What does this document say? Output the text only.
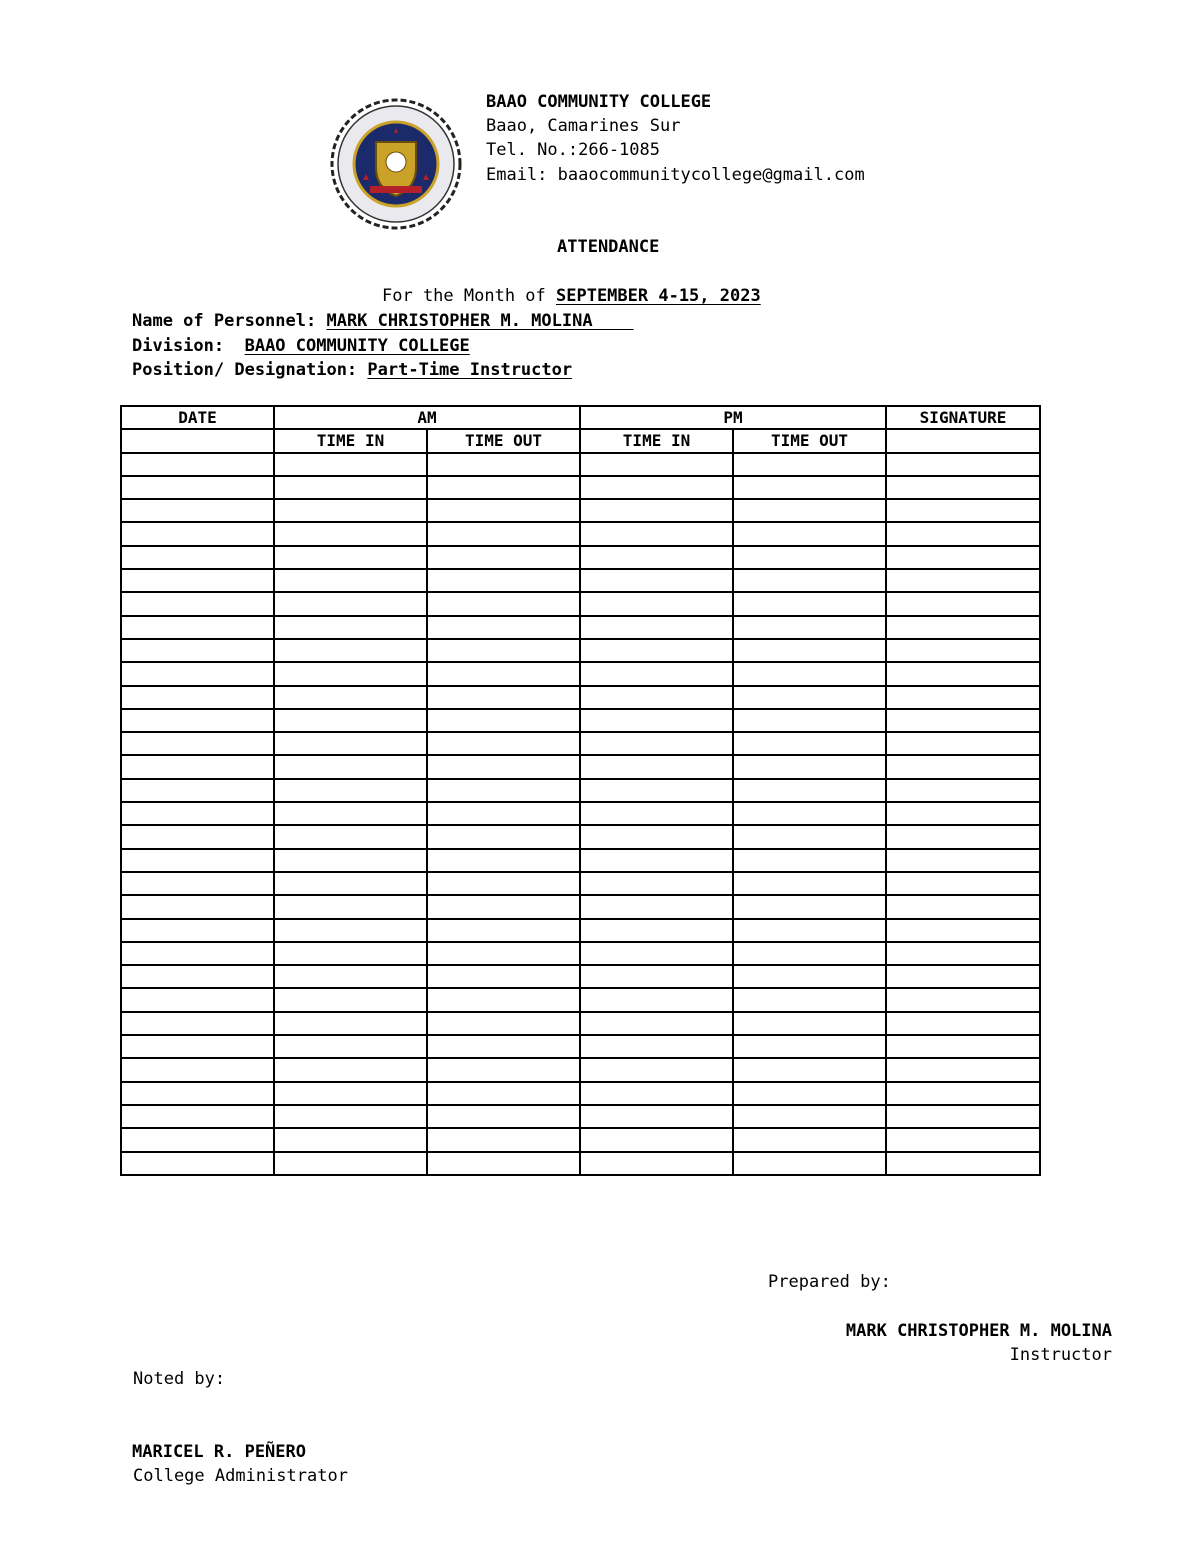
BAAO COMMUNITY COLLEGE
Baao, Camarines Sur
Tel. No.:266-1085
Email: baaocommunitycollege@gmail.com
ATTENDANCE
For the Month of SEPTEMBER 4-15, 2023
Name of Personnel: MARK CHRISTOPHER M. MOLINA
Division:  BAAO COMMUNITY COLLEGE
Position/ Designation: Part-Time Instructor
DATE	AM		PM		SIGNATURE
	TIME IN	TIME OUT	TIME IN	TIME OUT	

Prepared by:
MARK CHRISTOPHER M. MOLINA
Instructor
Noted by:
MARICEL R. PEÑERO
College Administrator
